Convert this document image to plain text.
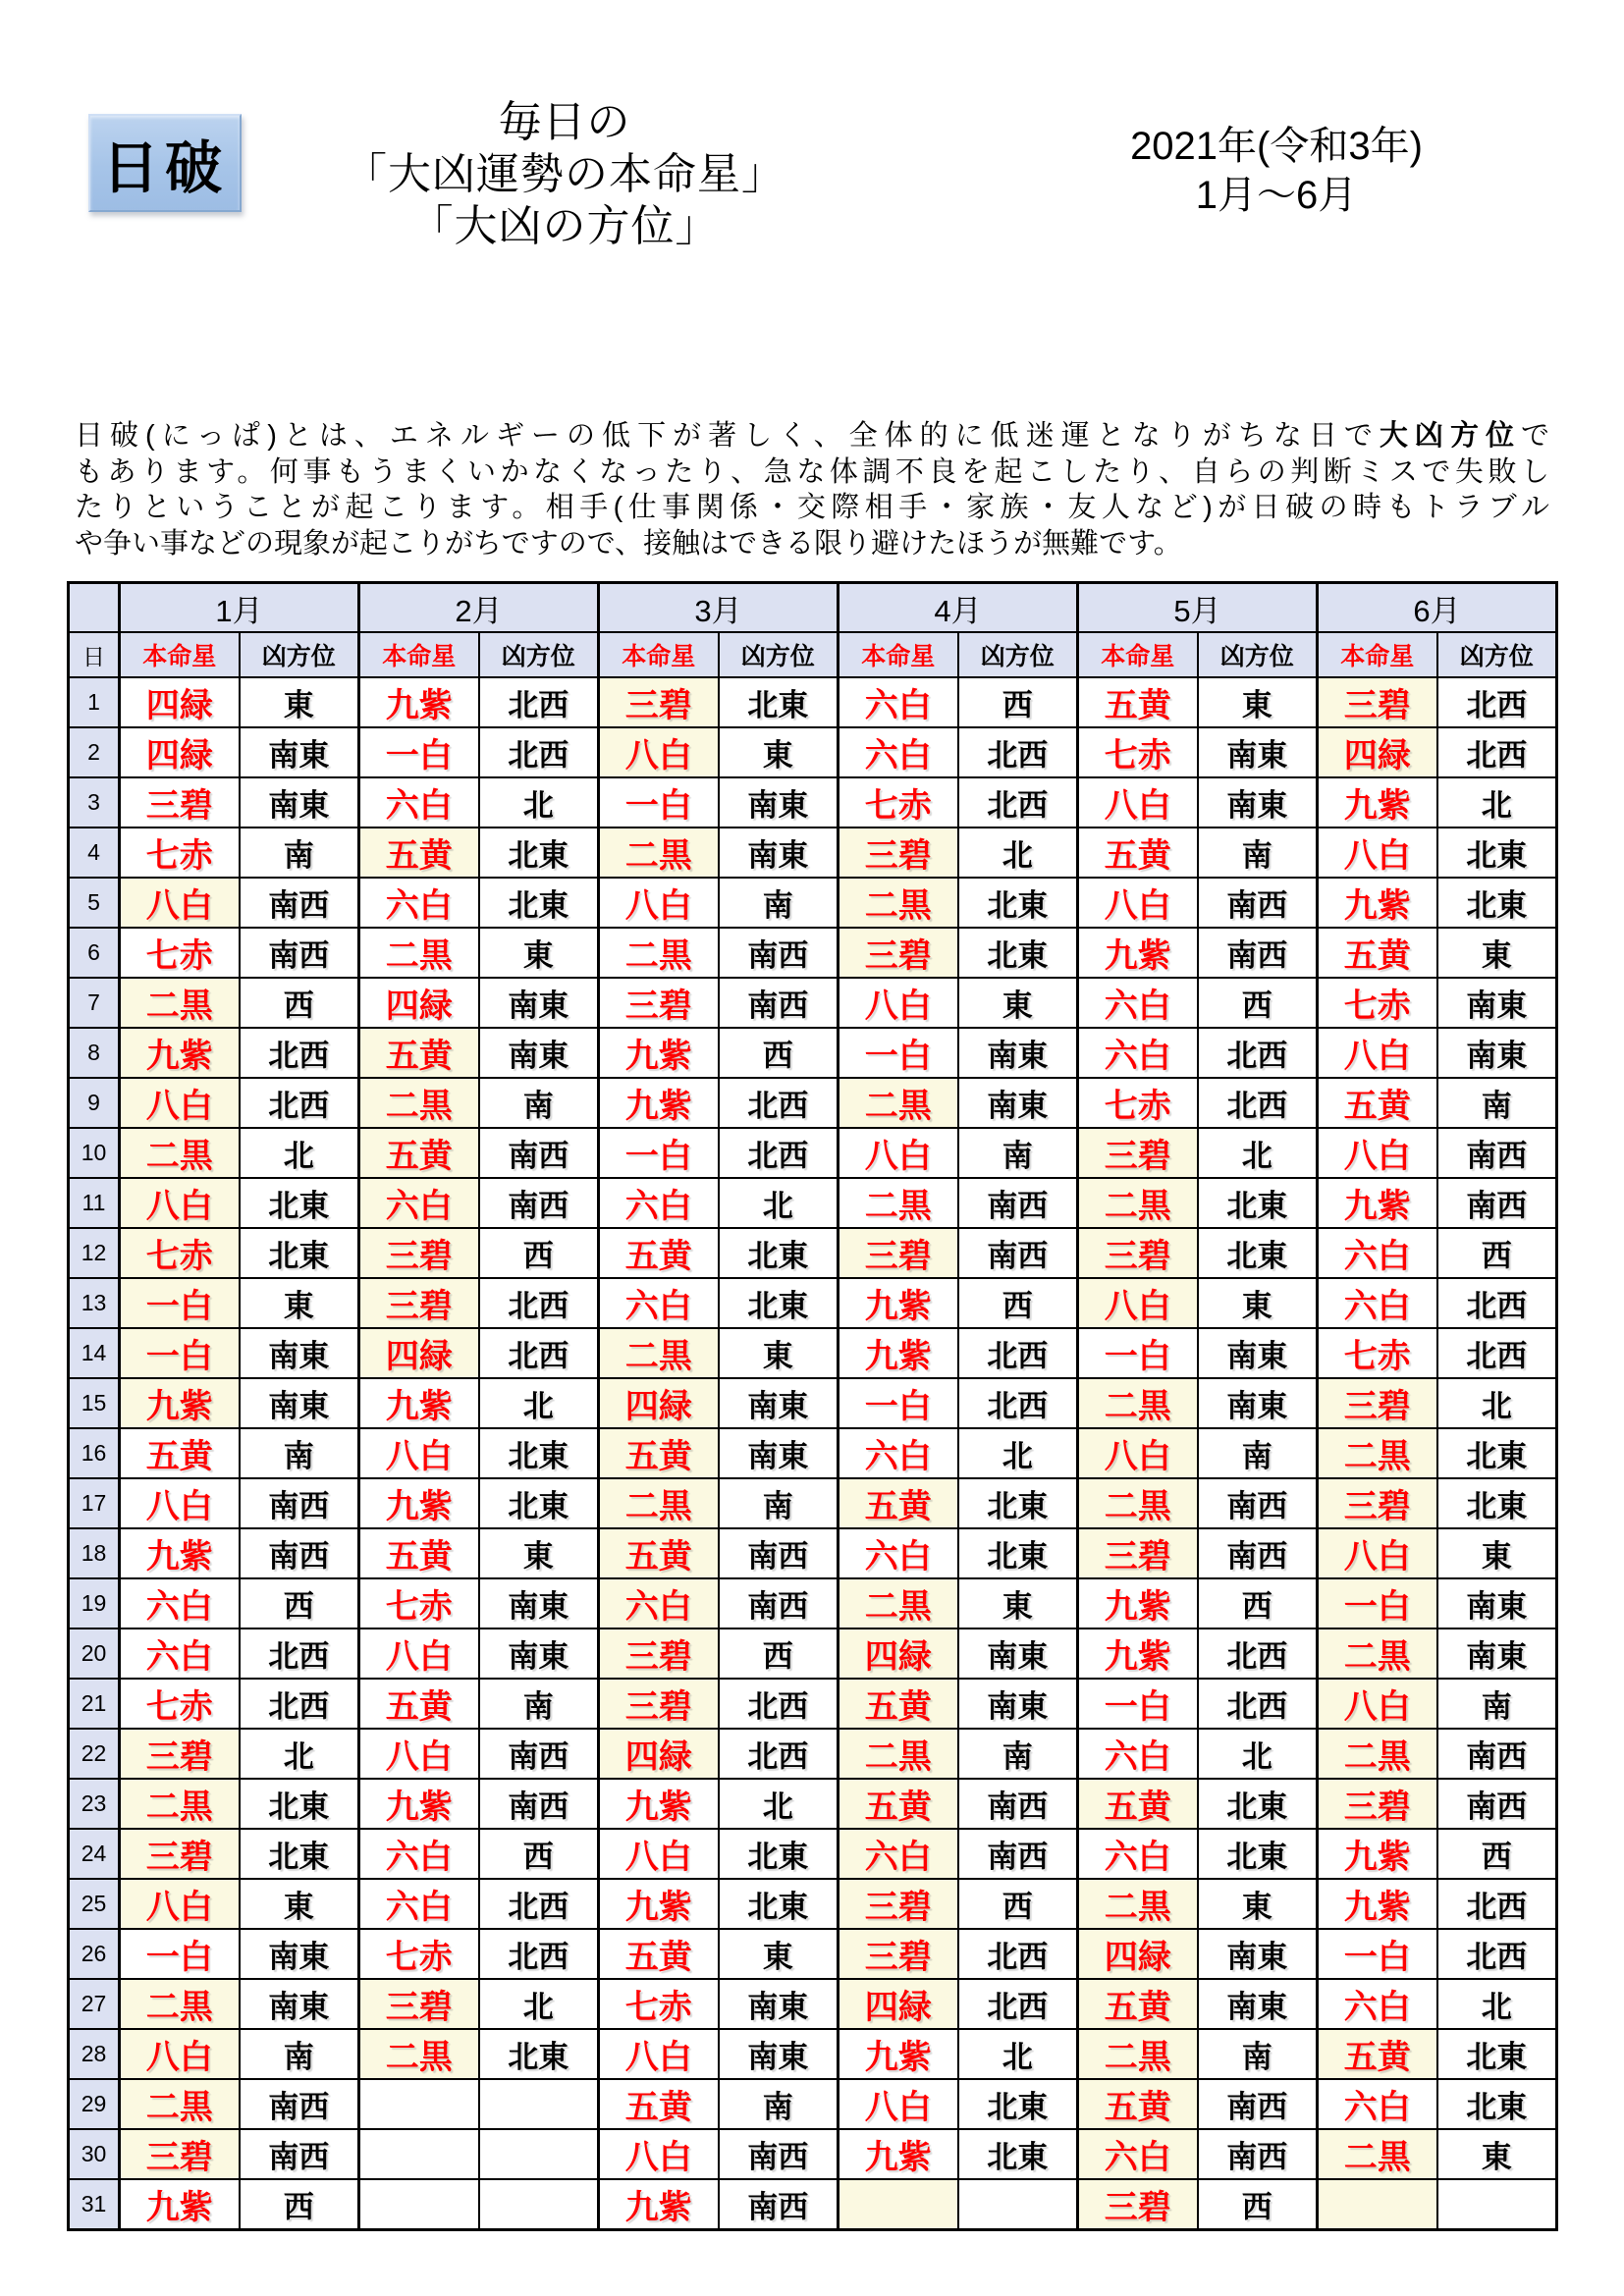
日破
毎日の
「大凶運勢の本命星」
「大凶の方位」
2021年(令和3年)
1月～6月
日破(にっぱ)とは、エネルギーの低下が著しく、全体的に低迷運となりがちな日で大凶方位で
もあります。何事もうまくいかなくなったり、急な体調不良を起こしたり、自らの判断ミスで失敗し
たりということが起こります。相手(仕事関係・交際相手・家族・友人など)が日破の時もトラブル
や争い事などの現象が起こりがちですので、接触はできる限り避けたほうが無難です。
	1月		2月		3月		4月		5月		6月	
日	本命星	凶方位	本命星	凶方位	本命星	凶方位	本命星	凶方位	本命星	凶方位	本命星	凶方位
1	四緑	東	九紫	北西	三碧	北東	六白	西	五黄	東	三碧	北西
2	四緑	南東	一白	北西	八白	東	六白	北西	七赤	南東	四緑	北西
3	三碧	南東	六白	北	一白	南東	七赤	北西	八白	南東	九紫	北
4	七赤	南	五黄	北東	二黒	南東	三碧	北	五黄	南	八白	北東
5	八白	南西	六白	北東	八白	南	二黒	北東	八白	南西	九紫	北東
6	七赤	南西	二黒	東	二黒	南西	三碧	北東	九紫	南西	五黄	東
7	二黒	西	四緑	南東	三碧	南西	八白	東	六白	西	七赤	南東
8	九紫	北西	五黄	南東	九紫	西	一白	南東	六白	北西	八白	南東
9	八白	北西	二黒	南	九紫	北西	二黒	南東	七赤	北西	五黄	南
10	二黒	北	五黄	南西	一白	北西	八白	南	三碧	北	八白	南西
11	八白	北東	六白	南西	六白	北	二黒	南西	二黒	北東	九紫	南西
12	七赤	北東	三碧	西	五黄	北東	三碧	南西	三碧	北東	六白	西
13	一白	東	三碧	北西	六白	北東	九紫	西	八白	東	六白	北西
14	一白	南東	四緑	北西	二黒	東	九紫	北西	一白	南東	七赤	北西
15	九紫	南東	九紫	北	四緑	南東	一白	北西	二黒	南東	三碧	北
16	五黄	南	八白	北東	五黄	南東	六白	北	八白	南	二黒	北東
17	八白	南西	九紫	北東	二黒	南	五黄	北東	二黒	南西	三碧	北東
18	九紫	南西	五黄	東	五黄	南西	六白	北東	三碧	南西	八白	東
19	六白	西	七赤	南東	六白	南西	二黒	東	九紫	西	一白	南東
20	六白	北西	八白	南東	三碧	西	四緑	南東	九紫	北西	二黒	南東
21	七赤	北西	五黄	南	三碧	北西	五黄	南東	一白	北西	八白	南
22	三碧	北	八白	南西	四緑	北西	二黒	南	六白	北	二黒	南西
23	二黒	北東	九紫	南西	九紫	北	五黄	南西	五黄	北東	三碧	南西
24	三碧	北東	六白	西	八白	北東	六白	南西	六白	北東	九紫	西
25	八白	東	六白	北西	九紫	北東	三碧	西	二黒	東	九紫	北西
26	一白	南東	七赤	北西	五黄	東	三碧	北西	四緑	南東	一白	北西
27	二黒	南東	三碧	北	七赤	南東	四緑	北西	五黄	南東	六白	北
28	八白	南	二黒	北東	八白	南東	九紫	北	二黒	南	五黄	北東
29	二黒	南西			五黄	南	八白	北東	五黄	南西	六白	北東
30	三碧	南西			八白	南西	九紫	北東	六白	南西	二黒	東
31	九紫	西			九紫	南西			三碧	西		
